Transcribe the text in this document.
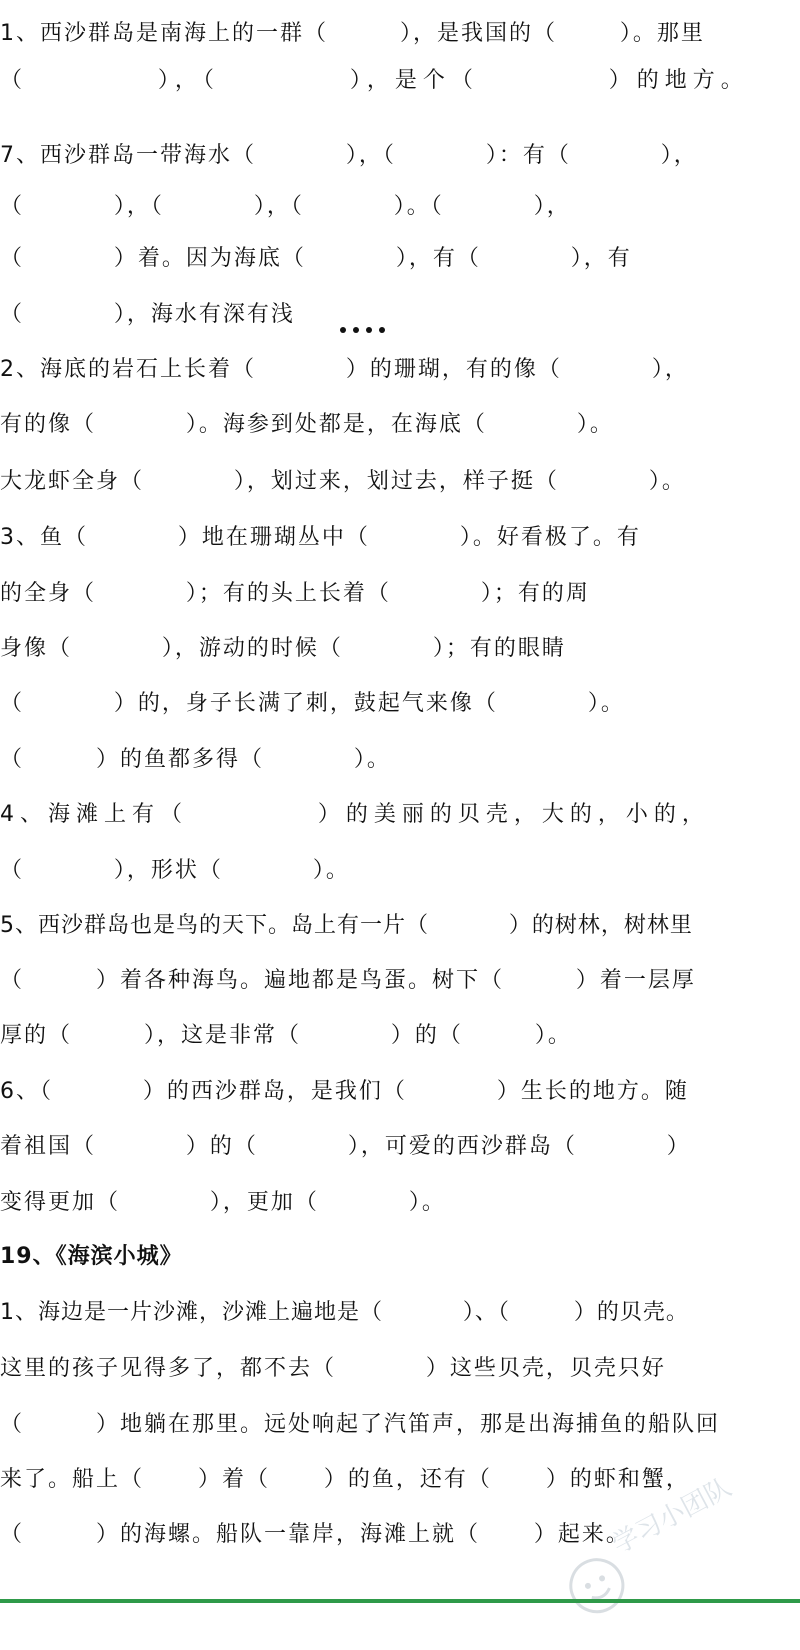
1、西沙群岛是南海上的一群（        ），是我国的（       ）。那里
（          ），（          ），是个（          ）的地方。
7、西沙群岛一带海水（          ），（          ）：有（          ），
（          ），（          ），（          ）。（          ），
（          ）着。因为海底（          ），有（          ），有
（          ），海水有深有浅
2、海底的岩石上长着（          ）的珊瑚，有的像（          ），
有的像（          ）。海参到处都是，在海底（          ）。
大龙虾全身（          ），划过来，划过去，样子挺（          ）。
3、鱼（          ）地在珊瑚丛中（          ）。好看极了。有
的全身（          ）；有的头上长着（          ）；有的周
身像（          ），游动的时候（          ）；有的眼睛
（          ）的，身子长满了刺，鼓起气来像（          ）。
（        ）的鱼都多得（          ）。
4、海滩上有（          ）的美丽的贝壳，大的，小的，
（          ），形状（          ）。
5、西沙群岛也是鸟的天下。岛上有一片（          ）的树林，树林里
（        ）着各种海鸟。遍地都是鸟蛋。树下（        ）着一层厚
厚的（        ），这是非常（          ）的（        ）。
6、（          ）的西沙群岛，是我们（          ）生长的地方。随
着祖国（          ）的（          ），可爱的西沙群岛（          ）
变得更加（          ），更加（          ）。
19、《海滨小城》
1、海边是一片沙滩，沙滩上遍地是（          ）、（        ）的贝壳。
这里的孩子见得多了，都不去（          ）这些贝壳，贝壳只好
（        ）地躺在那里。远处响起了汽笛声，那是出海捕鱼的船队回
来了。船上（      ）着（      ）的鱼，还有（      ）的虾和蟹，
（        ）的海螺。船队一靠岸，海滩上就（      ）起来。
学习小团队
